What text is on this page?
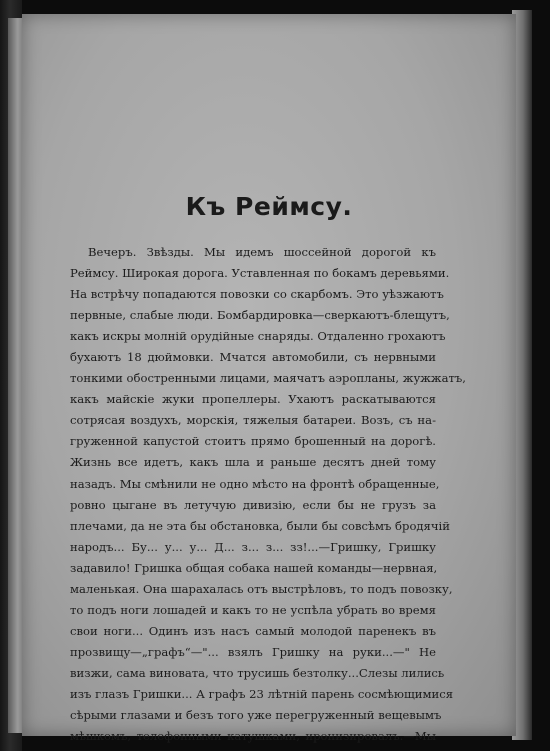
Къ Реймсу.
Вечеръ. Звѣзды. Мы идемъ шоссейной дорогой къ
Реймсу. Широкая дорога. Уставленная по бокамъ деревьями.
На встрѣчу попадаются повозки со скарбомъ. Это уѣзжаютъ
первные, слабые люди. Бомбардировка—сверкаютъ-блещутъ,
какъ искры молній орудійные снаряды. Отдаленно грохаютъ
бухаютъ 18 дюймовки. Мчатся автомобили, съ нервными
тонкими обостренными лицами, маячатъ аэропланы, жужжатъ,
какъ майскіе жуки пропеллеры. Ухаютъ раскатываются
сотрясая воздухъ, морскія, тяжелыя батареи. Возъ, съ на-
груженной капустой стоитъ прямо брошенный на дорогѣ.
Жизнь все идетъ, какъ шла и раньше десятъ дней тому
назадъ. Мы смѣнили не одно мѣсто на фронтѣ обращенные,
ровно цыгане въ летучую дивизію, если бы не грузъ за
плечами, да не эта бы обстановка, были бы совсѣмъ бродячій
народъ... Бу... у... у... Д... з... з... зз!...—Гришку, Гришку
задавило! Гришка общая собака нашей команды—нервная,
маленькая. Она шарахалась отъ выстрѣловъ, то подъ повозку,
то подъ ноги лошадей и какъ то не успѣла убрать во время
свои ноги... Одинъ изъ насъ самый молодой паренекъ въ
прозвищу—„графъ“—"... взялъ Гришку на руки...—" Не
визжи, сама виновата, что трусишь безтолку...Слезы лились
изъ глазъ Гришки... А графъ 23 лѣтній парень сосмѣющимися
сѣрыми глазами и безъ того уже перегруженный вещевымъ
мѣшкомъ, телефонными катушками, иронизировалъ.—Мы
